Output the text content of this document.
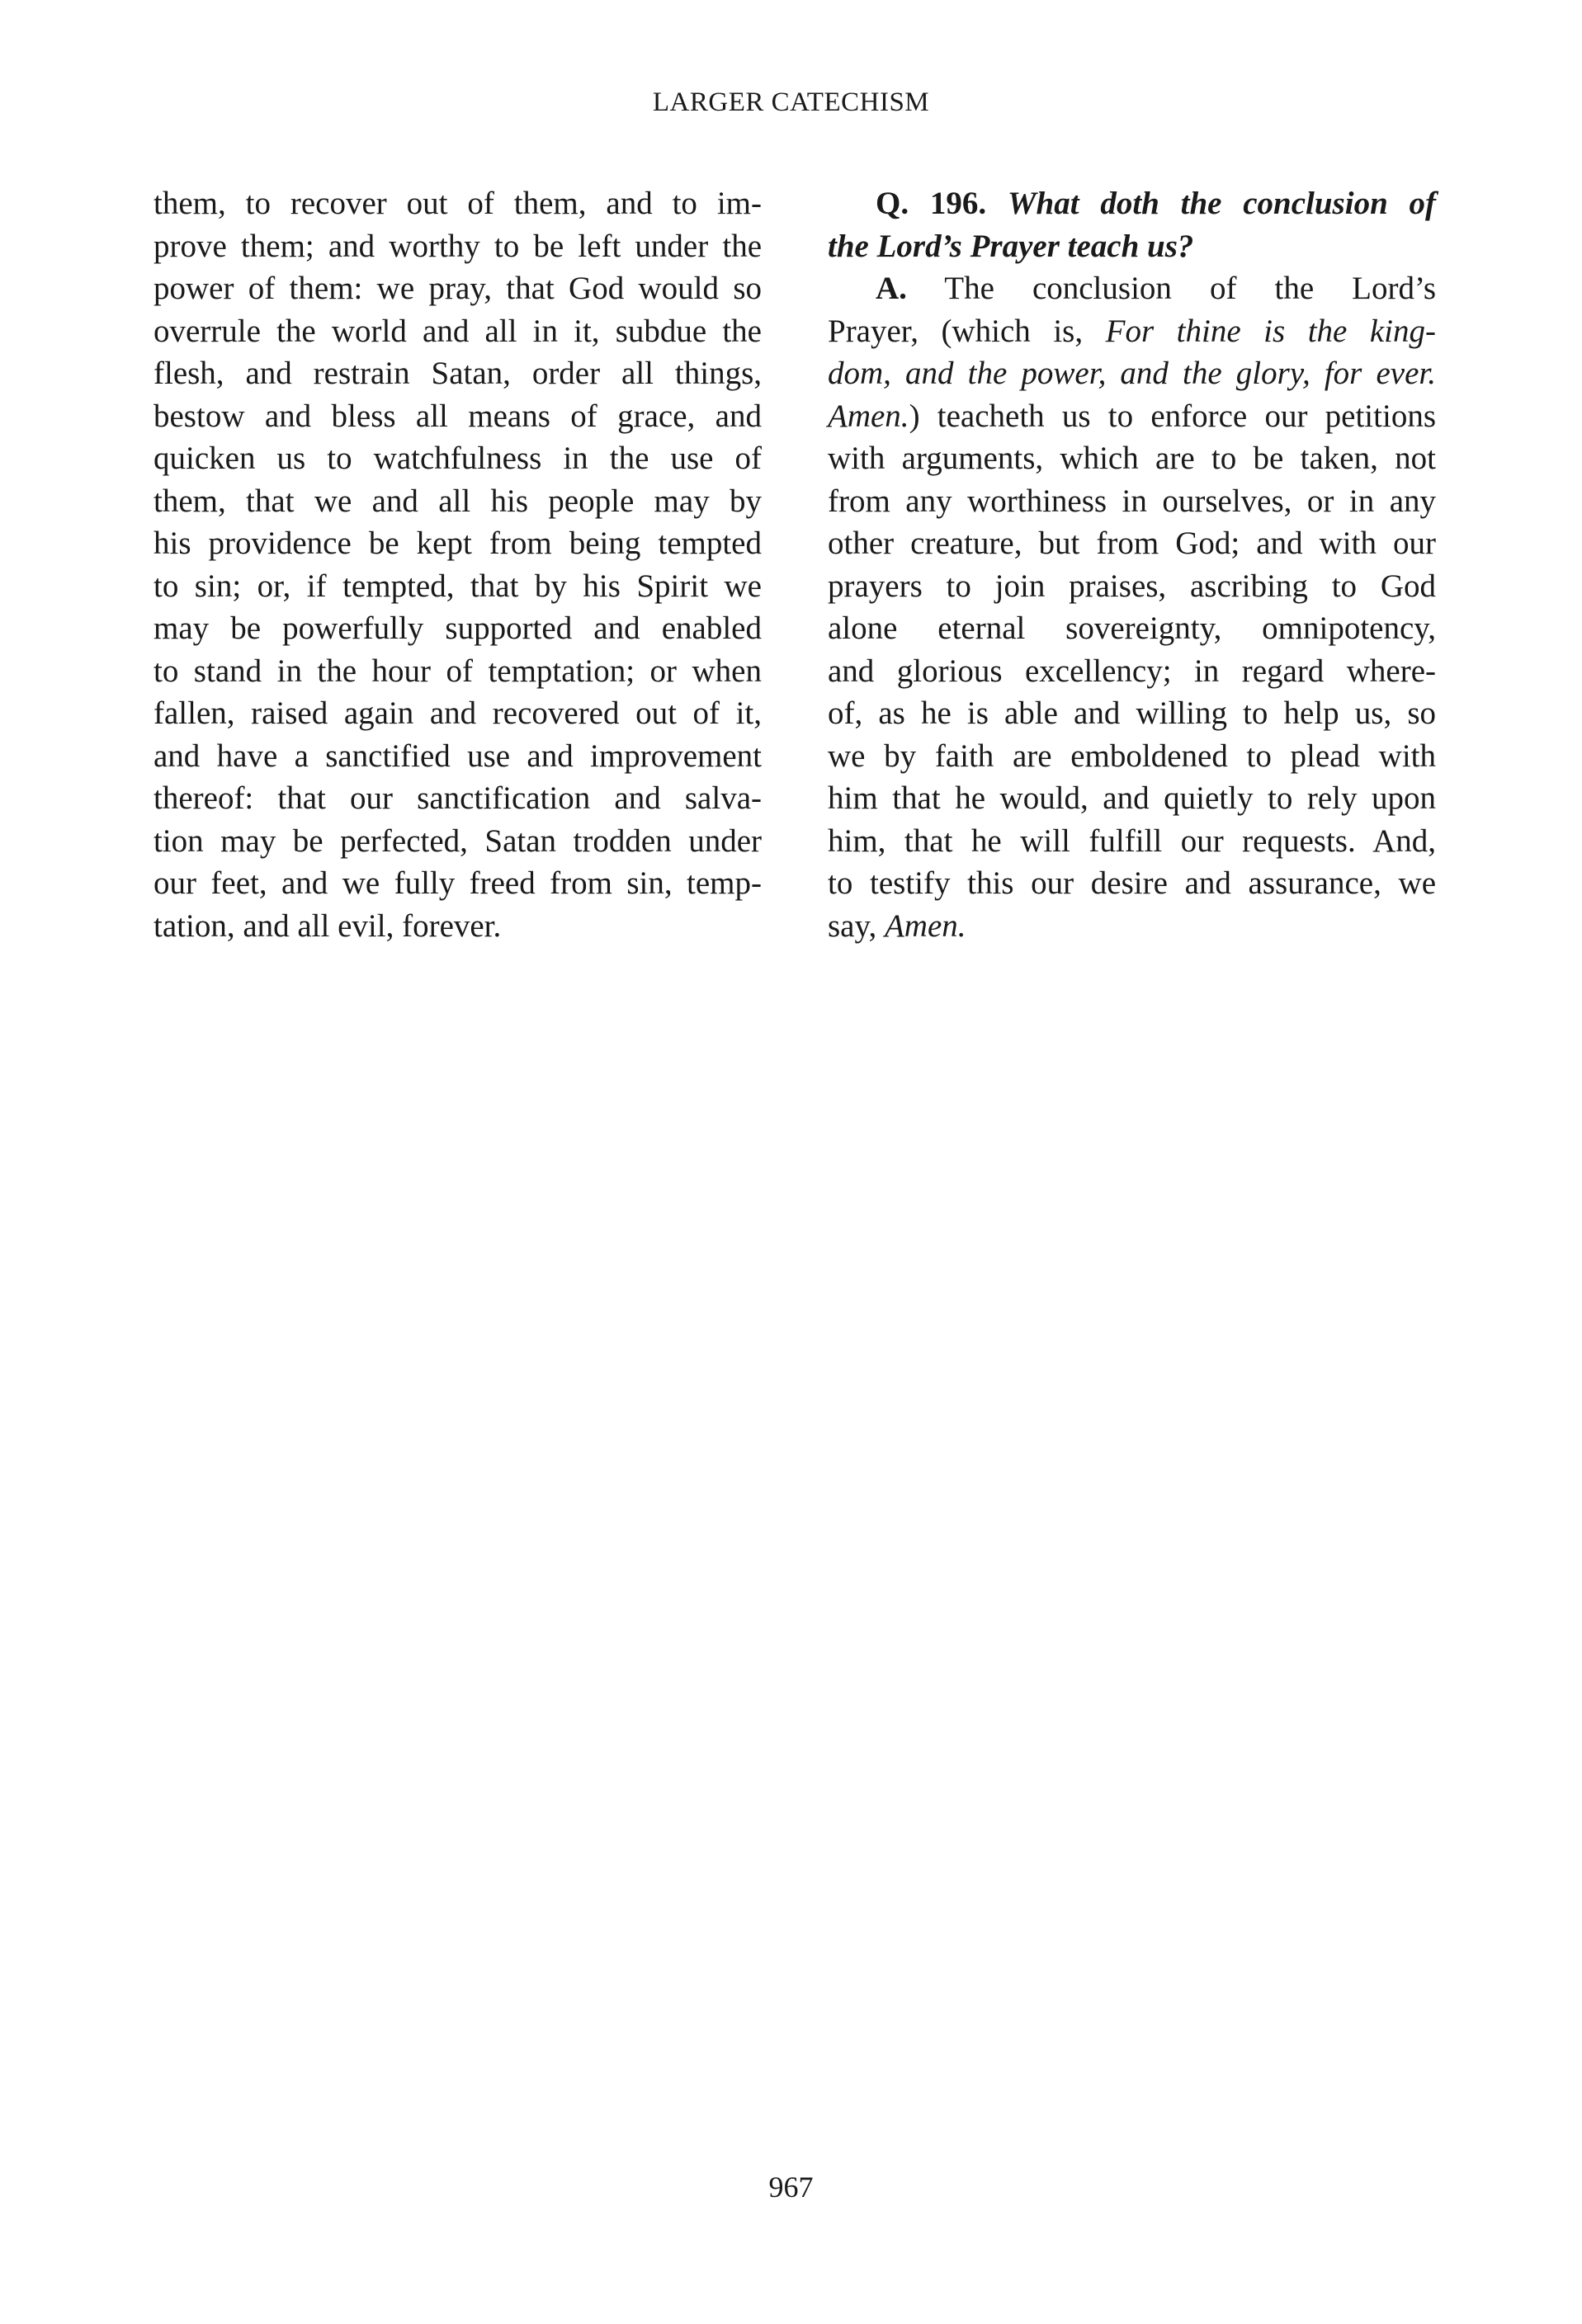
LARGER CATECHISM
them, to recover out of them, and to im-
prove them; and worthy to be left under the
power of them: we pray, that God would so
overrule the world and all in it, subdue the
flesh, and restrain Satan, order all things,
bestow and bless all means of grace, and
quicken us to watchfulness in the use of
them, that we and all his people may by
his providence be kept from being tempted
to sin; or, if tempted, that by his Spirit we
may be powerfully supported and enabled
to stand in the hour of temptation; or when
fallen, raised again and recovered out of it,
and have a sanctified use and improvement
thereof: that our sanctification and salva-
tion may be perfected, Satan trodden under
our feet, and we fully freed from sin, temp-
tation, and all evil, forever.
Q. 196. What doth the conclusion of
the Lord’s Prayer teach us?
A. The conclusion of the Lord’s
Prayer, (which is, For thine is the king-
dom, and the power, and the glory, for ever.
Amen.) teacheth us to enforce our petitions
with arguments, which are to be taken, not
from any worthiness in ourselves, or in any
other creature, but from God; and with our
prayers to join praises, ascribing to God
alone eternal sovereignty, omnipotency,
and glorious excellency; in regard where-
of, as he is able and willing to help us, so
we by faith are emboldened to plead with
him that he would, and quietly to rely upon
him, that he will fulfill our requests. And,
to testify this our desire and assurance, we
say, Amen.
967
